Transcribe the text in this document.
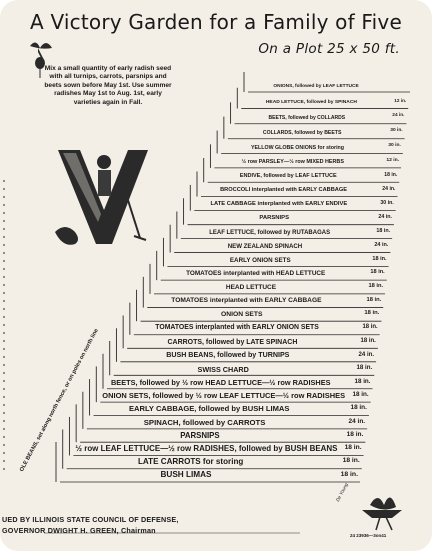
A Victory Garden for a Family of Five
On a Plot 25 x 50 ft.
Mix a small quantity of early radish seed with all turnips, carrots, parsnips and beets sown before May 1st. Use summer radishes May 1st to Aug. 1st, early varieties again in Fall.
ONIONS, followed by LEAF LETTUCE
HEAD LETTUCE, followed by SPINACH	12 in.
BEETS, followed by COLLARDS	24 in.
COLLARDS, followed by BEETS	30 in.
YELLOW GLOBE ONIONS for storing	30 in.
½ row PARSLEY—½ row MIXED HERBS	12 in.
ENDIVE, followed by LEAF LETTUCE	18 in.
BROCCOLI interplanted with EARLY CABBAGE	24 in.
LATE CABBAGE interplanted with EARLY ENDIVE	30 in.
PARSNIPS	24 in.
LEAF LETTUCE, followed by RUTABAGAS	18 in.
NEW ZEALAND SPINACH	24 in.
EARLY ONION SETS	18 in.
TOMATOES interplanted with HEAD LETTUCE	18 in.
HEAD LETTUCE	18 in.
TOMATOES interplanted with EARLY CABBAGE	18 in.
ONION SETS	18 in.
TOMATOES interplanted with EARLY ONION SETS	18 in.
CARROTS, followed by LATE SPINACH	18 in.
BUSH BEANS, followed by TURNIPS	24 in.
SWISS CHARD	18 in.
BEETS, followed by ½ row HEAD LETTUCE—½ row RADISHES	18 in.
ONION SETS, followed by ½ row LEAF LETTUCE—½ row RADISHES 18 in.
EARLY CABBAGE, followed by BUSH LIMAS	18 in.
SPINACH, followed by CARROTS	24 in.
PARSNIPS	18 in.
½ row LEAF LETTUCE—½ row RADISHES, followed by BUSH BEANS 18 in.
LATE CARROTS for storing	18 in.
BUSH LIMAS	18 in.
OLE BEANS, set along north fence, or on poles on north line
De Young
UED BY ILLINOIS STATE COUNCIL OF DEFENSE,
GOVERNOR DWIGHT H. GREEN, Chairman
24 23936—3on41
